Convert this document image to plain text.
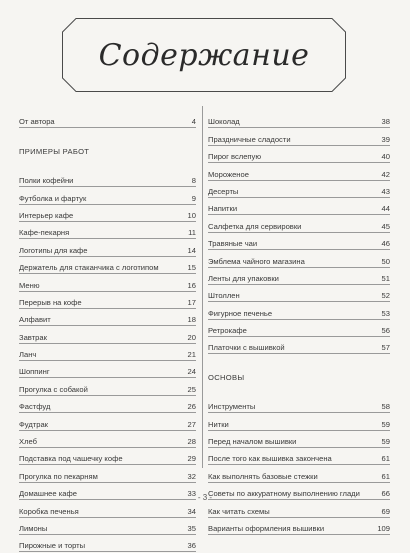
Содержание
От автора	4
ПРИМЕРЫ РАБОТ
Полки кофейни	8
Футболка и фартук	9
Интерьер кафе	10
Кафе-пекарня	11
Логотипы для кафе	14
Держатель для стаканчика с логотипом	15
Меню	16
Перерыв на кофе	17
Алфавит	18
Завтрак	20
Ланч	21
Шоппинг	24
Прогулка с собакой	25
Фастфуд	26
Фудтрак	27
Хлеб	28
Подставка под чашечку кофе	29
Прогулка по пекарням	32
Домашнее кафе	33
Коробка печенья	34
Лимоны	35
Пирожные и торты	36
Шоколад	38
Праздничные сладости	39
Пирог вслепую	40
Мороженое	42
Десерты	43
Напитки	44
Салфетка для сервировки	45
Травяные чаи	46
Эмблема чайного магазина	50
Ленты для упаковки	51
Штоллен	52
Фигурное печенье	53
Ретрокафе	56
Платочки с вышивкой	57
ОСНОВЫ
Инструменты	58
Нитки	59
Перед началом вышивки	59
После того как вышивка закончена	61
Как выполнять базовые стежки	61
Советы по аккуратному выполнению глади	66
Как читать схемы	69
Варианты оформления вышивки	109
- 3 -
